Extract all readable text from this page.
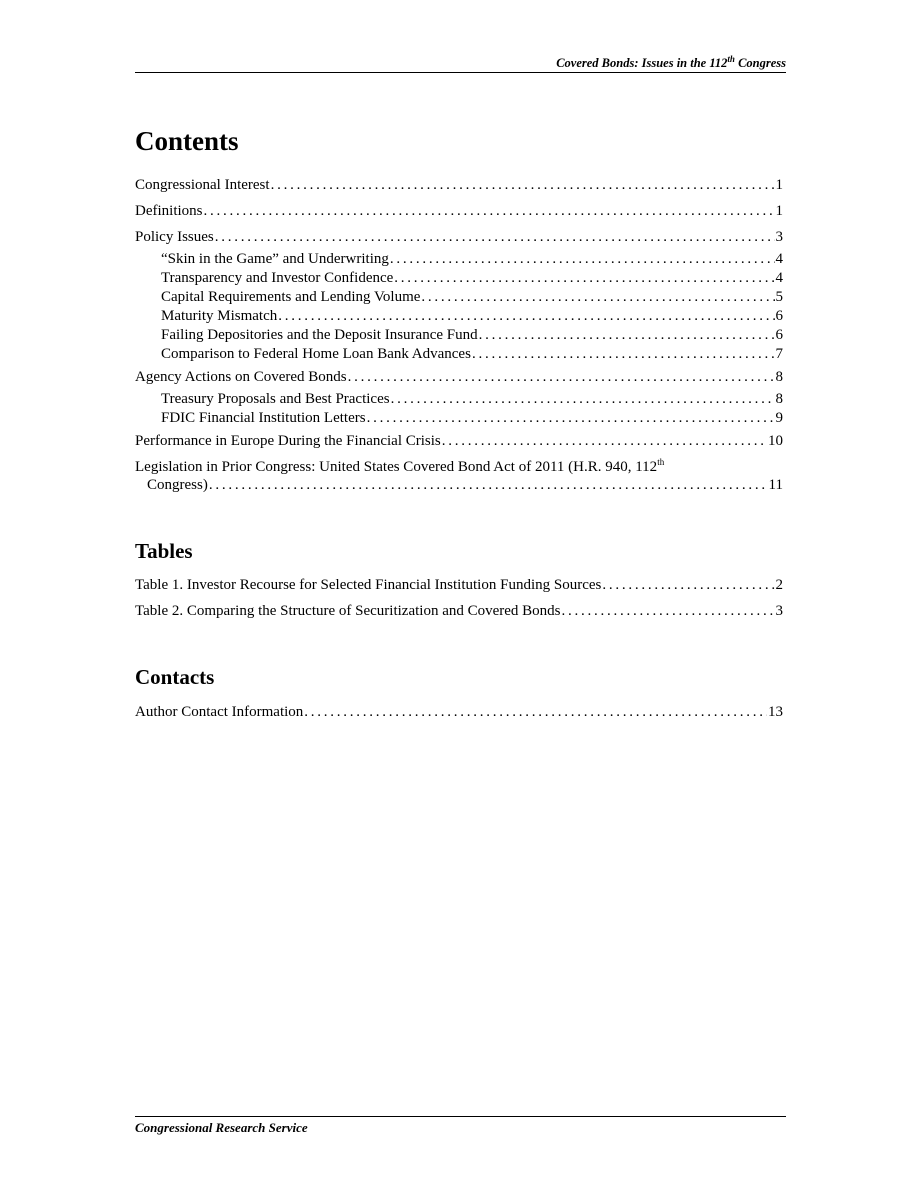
Covered Bonds: Issues in the 112th Congress
Contents
Congressional Interest . . .	1
Definitions . . .	1
Policy Issues . . .	3
“Skin in the Game” and Underwriting . . .	4
Transparency and Investor Confidence . . .	4
Capital Requirements and Lending Volume . . .	5
Maturity Mismatch . . .	6
Failing Depositories and the Deposit Insurance Fund . . .	6
Comparison to Federal Home Loan Bank Advances . . .	7
Agency Actions on Covered Bonds . . .	8
Treasury Proposals and Best Practices . . .	8
FDIC Financial Institution Letters . . .	9
Performance in Europe During the Financial Crisis . . .	10
Legislation in Prior Congress: United States Covered Bond Act of 2011 (H.R. 940, 112th
Congress) . . .	11
Tables
Table 1. Investor Recourse for Selected Financial Institution Funding Sources . . .	2
Table 2. Comparing the Structure of Securitization and Covered Bonds . . .	3
Contacts
Author Contact Information . . .	13
Congressional Research Service
